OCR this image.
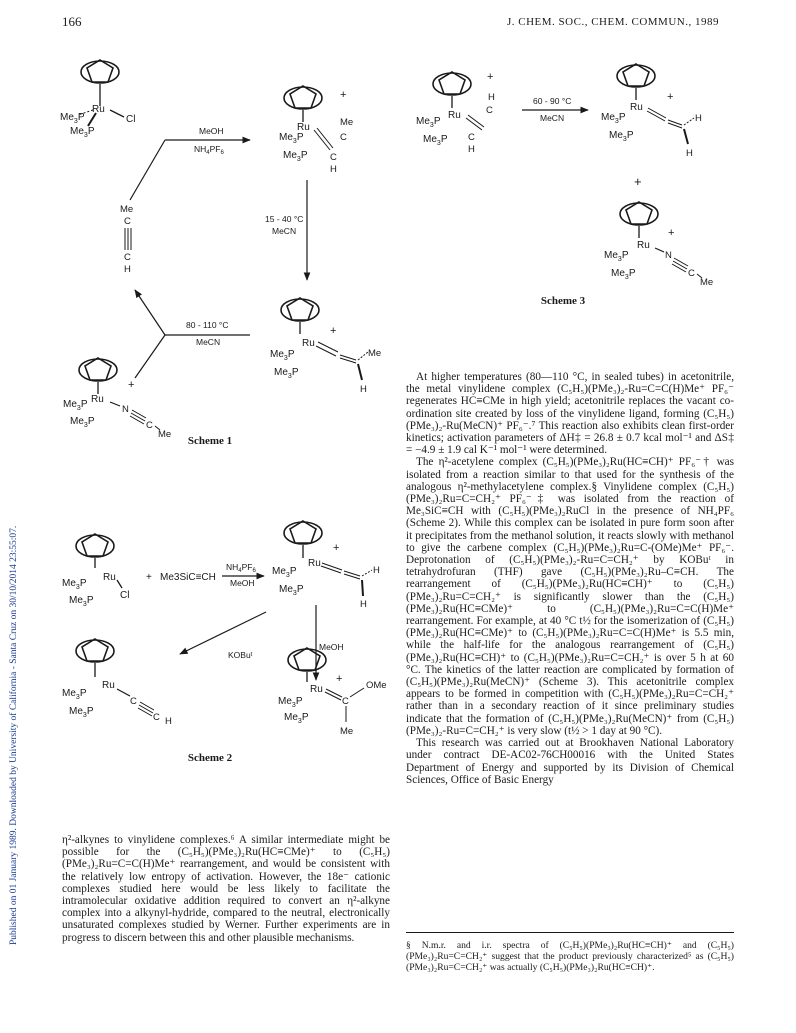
Published on 01 January 1989. Downloaded by University of California - Santa Cruz on 30/10/2014 23:55:07.
166	J. CHEM. SOC., CHEM. COMMUN., 1989
Ru
Cl
$Me_3P$
$Me_3P$	MeOH
$NH_4PF_6$
Me
C
C
H
+
Ru
$Me_3P$
$Me_3P$
C
Me
C
H
15 - 40 °C
MeCN
+
Ru
$Me_3P$
$Me_3P$
Me
H
80 - 110 °C
MeCN
+
Ru
$Me_3P$
$Me_3P$
N
C
Me
Ru
Cl
$Me_3P$
$Me_3P$
+ Me3SiC≡CH
$NH_4PF_6$
MeOH
+
Ru
$Me_3P$
$Me_3P$
H
H
MeOH
KOBuᵗ
Ru
$Me_3P$
$Me_3P$
C
C H
+
Ru
$Me_3P$
$Me_3P$
C
OMe
Me
+
Ru
$Me_3P$
$Me_3P$
H
C
C
H
60 - 90 °C
MeCN
+
Ru
$Me_3P$
$Me_3P$
H
H
+
+
Ru
$Me_3P$
$Me_3P$
N
C
Me
Scheme 1
Scheme 2
Scheme 3

η²-alkynes to vinylidene complexes.⁶ A similar intermediate might be possible for the (C₅H₅)(PMe₃)₂Ru(HC≡CMe)⁺ to (C₅H₅)(PMe₃)₂Ru=C=C(H)Me⁺ rearrangement, and would be consistent with the relatively low entropy of activation. However, the 18e⁻ cationic complexes studied here would be less likely to facilitate the intramolecular oxidative addition required to convert an η²-alkyne complex into a alkynyl-hydride, compared to the neutral, electronically unsaturated complexes studied by Werner. Further experiments are in progress to discern between this and other plausible mechanisms.

At higher temperatures (80—110 °C, in sealed tubes) in acetonitrile, the metal vinylidene complex (C₅H₅)(PMe₃)₂-Ru=C=C(H)Me⁺ PF₆⁻ regenerates HC≡CMe in high yield; acetonitrile replaces the vacant co-ordination site created by loss of the vinylidene ligand, forming (C₅H₅)(PMe₃)₂-Ru(MeCN)⁺ PF₆⁻.⁷ This reaction also exhibits clean first-order kinetics; activation parameters of ΔH‡ = 26.8 ± 0.7 kcal mol⁻¹ and ΔS‡ = −4.9 ± 1.9 cal K⁻¹ mol⁻¹ were determined.

The η²-acetylene complex (C₅H₅)(PMe₃)₂Ru(HC≡CH)⁺ PF₆⁻† was isolated from a reaction similar to that used for the synthesis of the analogous η²-methylacetylene complex.§ Vinylidene complex (C₅H₅)(PMe₃)₂Ru=C=CH₂⁺ PF₆⁻‡ was isolated from the reaction of Me₃SiC≡CH with (C₅H₅)(PMe₃)₂RuCl in the presence of NH₄PF₆ (Scheme 2). While this complex can be isolated in pure form soon after it precipitates from the methanol solution, it reacts slowly with methanol to give the carbene complex (C₅H₅)(PMe₃)₂Ru=C-(OMe)Me⁺ PF₆⁻. Deprotonation of (C₅H₅)(PMe₃)₂-Ru=C=CH₂⁺ by KOBuᵗ in tetrahydrofuran (THF) gave (C₅H₅)(PMe₃)₂Ru–C≡CH. The rearrangement of (C₅H₅)(PMe₃)₂Ru(HC≡CH)⁺ to (C₅H₅)(PMe₃)₂Ru=C=CH₂⁺ is significantly slower than the (C₅H₅)(PMe₃)₂Ru(HC≡CMe)⁺ to (C₅H₅)(PMe₃)₂Ru=C=C(H)Me⁺ rearrangement. For example, at 40 °C t½ for the isomerization of (C₅H₅)(PMe₃)₂Ru(HC≡CMe)⁺ to (C₅H₅)(PMe₃)₂Ru=C=C(H)Me⁺ is 5.5 min, while the half-life for the analogous rearrangement of (C₅H₅)(PMe₃)₂Ru(HC≡CH)⁺ to (C₅H₅)(PMe₃)₂Ru=C=CH₂⁺ is over 5 h at 60 °C. The kinetics of the latter reaction are complicated by formation of (C₅H₅)(PMe₃)₂Ru(MeCN)⁺ (Scheme 3). This acetonitrile complex appears to be formed in competition with (C₅H₅)(PMe₃)₂Ru=C=CH₂⁺ rather than in a secondary reaction of it since preliminary studies indicate that the formation of (C₅H₅)(PMe₃)₂Ru(MeCN)⁺ from (C₅H₅)(PMe₃)₂-Ru=C=CH₂⁺ is very slow (t½ > 1 day at 90 °C).

This research was carried out at Brookhaven National Laboratory under contract DE-AC02-76CH00016 with the United States Department of Energy and supported by its Division of Chemical Sciences, Office of Basic Energy

§ N.m.r. and i.r. spectra of (C₅H₅)(PMe₃)₂Ru(HC≡CH)⁺ and (C₅H₅)(PMe₃)₂Ru=C=CH₂⁺ suggest that the product previously characterized⁵ as (C₅H₅)(PMe₃)₂Ru=C=CH₂⁺ was actually (C₅H₅)(PMe₃)₂Ru(HC≡CH)⁺.
